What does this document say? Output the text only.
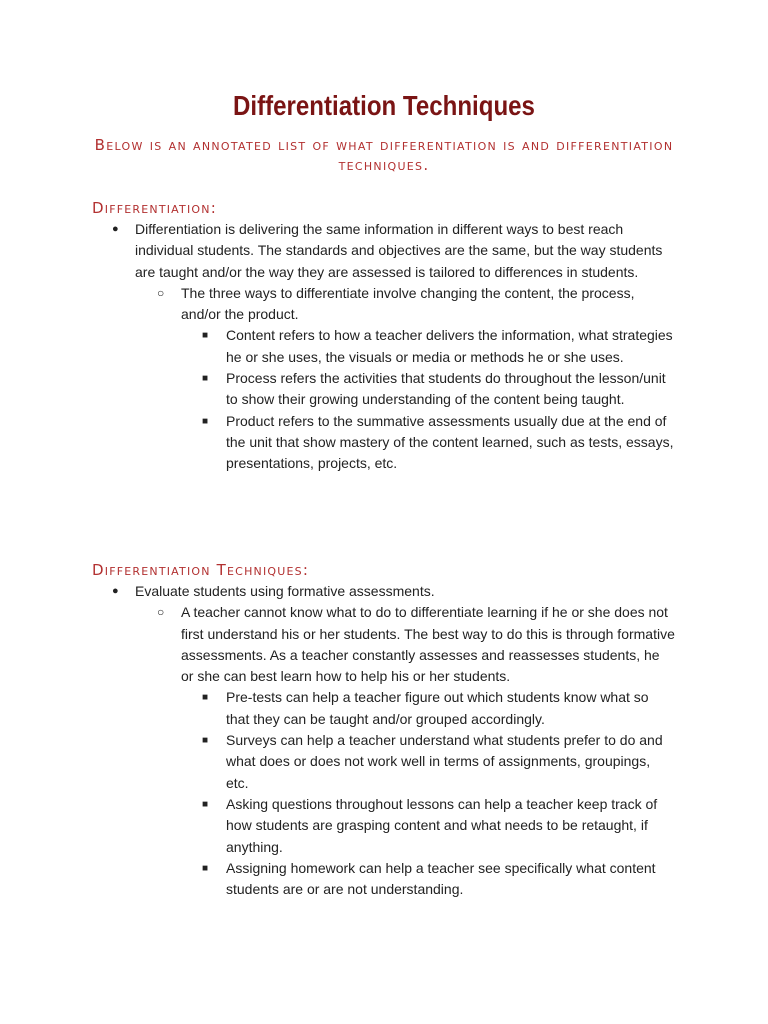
Differentiation Techniques
Below is an annotated list of what differentiation is and differentiation techniques.
Differentiation:
● Differentiation is delivering the same information in different ways to best reach individual students. The standards and objectives are the same, but the way students are taught and/or the way they are assessed is tailored to differences in students.
○ The three ways to differentiate involve changing the content, the process, and/or the product.
■ Content refers to how a teacher delivers the information, what strategies he or she uses, the visuals or media or methods he or she uses.
■ Process refers the activities that students do throughout the lesson/unit to show their growing understanding of the content being taught.
■ Product refers to the summative assessments usually due at the end of the unit that show mastery of the content learned, such as tests, essays, presentations, projects, etc.
Differentiation Techniques:
● Evaluate students using formative assessments.
○ A teacher cannot know what to do to differentiate learning if he or she does not first understand his or her students. The best way to do this is through formative assessments. As a teacher constantly assesses and reassesses students, he or she can best learn how to help his or her students.
■ Pre-tests can help a teacher figure out which students know what so that they can be taught and/or grouped accordingly.
■ Surveys can help a teacher understand what students prefer to do and what does or does not work well in terms of assignments, groupings, etc.
■ Asking questions throughout lessons can help a teacher keep track of how students are grasping content and what needs to be retaught, if anything.
■ Assigning homework can help a teacher see specifically what content students are or are not understanding.
